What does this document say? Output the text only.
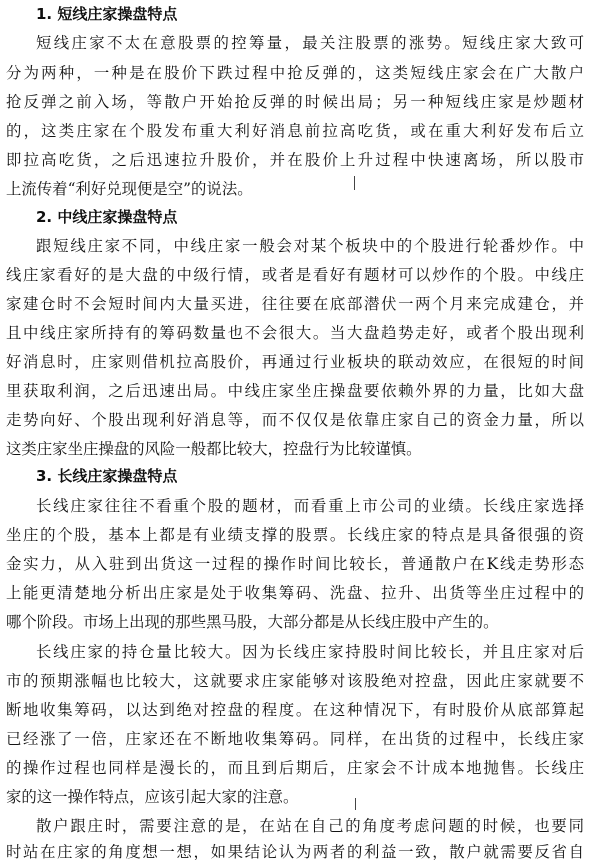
1. 短线庄家操盘特点
短线庄家不太在意股票的控筹量，最关注股票的涨势。短线庄家大致可
分为两种，一种是在股价下跌过程中抢反弹的，这类短线庄家会在广大散户
抢反弹之前入场，等散户开始抢反弹的时候出局；另一种短线庄家是炒题材
的，这类庄家在个股发布重大利好消息前拉高吃货，或在重大利好发布后立
即拉高吃货，之后迅速拉升股价，并在股价上升过程中快速离场，所以股市
上流传着“利好兑现便是空”的说法。
2. 中线庄家操盘特点
跟短线庄家不同，中线庄家一般会对某个板块中的个股进行轮番炒作。中
线庄家看好的是大盘的中级行情，或者是看好有题材可以炒作的个股。中线庄
家建仓时不会短时间内大量买进，往往要在底部潜伏一两个月来完成建仓，并
且中线庄家所持有的筹码数量也不会很大。当大盘趋势走好，或者个股出现利
好消息时，庄家则借机拉高股价，再通过行业板块的联动效应，在很短的时间
里获取利润，之后迅速出局。中线庄家坐庄操盘要依赖外界的力量，比如大盘
走势向好、个股出现利好消息等，而不仅仅是依靠庄家自己的资金力量，所以
这类庄家坐庄操盘的风险一般都比较大，控盘行为比较谨慎。
3. 长线庄家操盘特点
长线庄家往往不看重个股的题材，而看重上市公司的业绩。长线庄家选择
坐庄的个股，基本上都是有业绩支撑的股票。长线庄家的特点是具备很强的资
金实力，从入驻到出货这一过程的操作时间比较长，普通散户在K线走势形态
上能更清楚地分析出庄家是处于收集筹码、洗盘、拉升、出货等坐庄过程中的
哪个阶段。市场上出现的那些黑马股，大部分都是从长线庄股中产生的。
长线庄家的持仓量比较大。因为长线庄家持股时间比较长，并且庄家对后
市的预期涨幅也比较大，这就要求庄家能够对该股绝对控盘，因此庄家就要不
断地收集筹码，以达到绝对控盘的程度。在这种情况下，有时股价从底部算起
已经涨了一倍，庄家还在不断地收集筹码。同样，在出货的过程中，长线庄家
的操作过程也同样是漫长的，而且到后期后，庄家会不计成本地抛售。长线庄
家的这一操作特点，应该引起大家的注意。
散户跟庄时，需要注意的是，在站在自己的角度考虑问题的时候，也要同
时站在庄家的角度想一想，如果结论认为两者的利益一致，散户就需要反省自
